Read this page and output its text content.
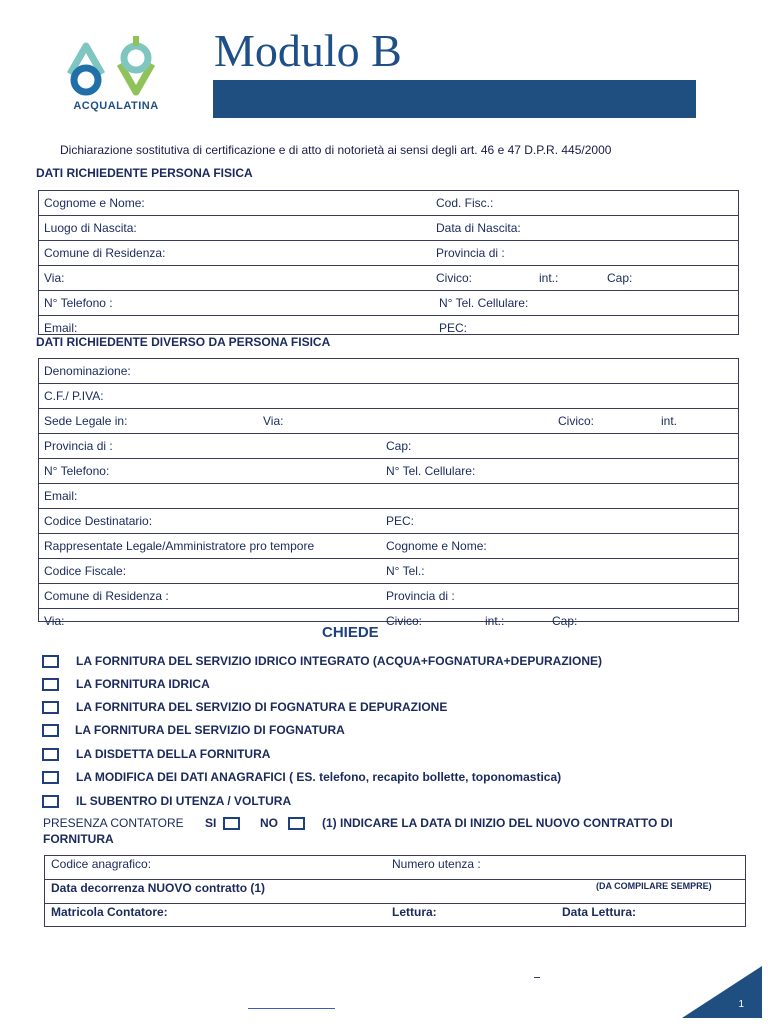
ACQUALATINA
Modulo B
Dichiarazione sostitutiva di certificazione e di atto di notorietà ai sensi degli art. 46 e 47 D.P.R. 445/2000
DATI RICHIEDENTE PERSONA FISICA
Cognome e Nome:	Cod. Fisc.:
Luogo di Nascita:	Data di Nascita:
Comune di Residenza:	Provincia di :
Via:	Civico:	int.:	Cap:
N° Telefono :	N° Tel. Cellulare:
Email:	PEC:
DATI RICHIEDENTE DIVERSO DA PERSONA FISICA
Denominazione:
C.F./ P.IVA:
Sede Legale in:	Via:	Civico:	int.
Provincia di :	Cap:
N° Telefono:	N° Tel. Cellulare:
Email:
Codice Destinatario:	PEC:
Rappresentate Legale/Amministratore pro tempore	Cognome e Nome:
Codice Fiscale:	N° Tel.:
Comune di Residenza :	Provincia di :
Via:	Civico:	int.:	Cap:
CHIEDE
LA FORNITURA DEL SERVIZIO IDRICO INTEGRATO (ACQUA+FOGNATURA+DEPURAZIONE)
LA FORNITURA IDRICA
LA FORNITURA DEL SERVIZIO DI FOGNATURA E DEPURAZIONE
LA FORNITURA DEL SERVIZIO DI FOGNATURA
LA DISDETTA DELLA FORNITURA
LA MODIFICA DEI DATI ANAGRAFICI ( ES. telefono, recapito bollette, toponomastica)
IL SUBENTRO DI UTENZA / VOLTURA
PRESENZA CONTATORE SI	NO	(1) INDICARE LA DATA DI INIZIO DEL NUOVO CONTRATTO DI
FORNITURA
Codice anagrafico:	Numero utenza :
Data decorrenza NUOVO contratto (1)	(DA COMPILARE SEMPRE)
Matricola Contatore:	Lettura:	Data Lettura:
1
